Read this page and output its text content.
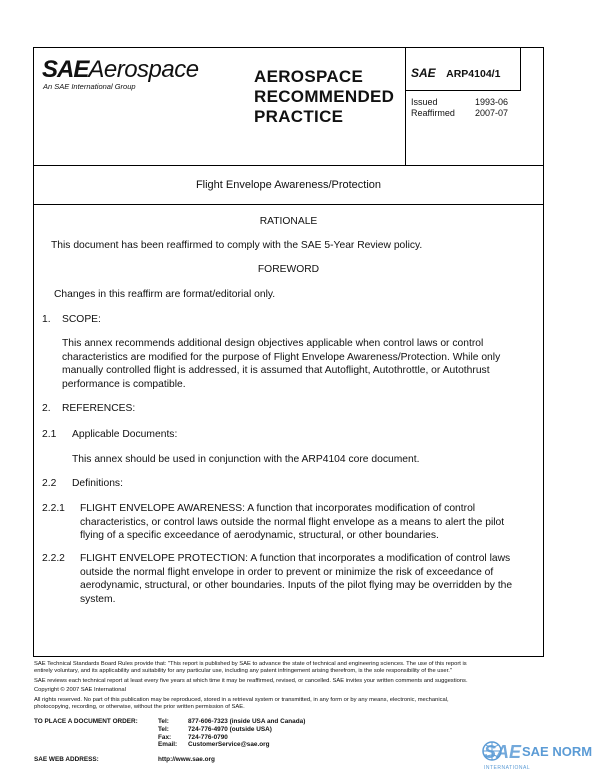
SAEAerospace
An SAE International Group
AEROSPACE
RECOMMENDED
PRACTICE
SAE ARP4104/1
Issued	1993-06
Reaffirmed 2007-07
Flight Envelope Awareness/Protection
RATIONALE
This document has been reaffirmed to comply with the SAE 5-Year Review policy.
FOREWORD
Changes in this reaffirm are format/editorial only.
1. SCOPE:
This annex recommends additional design objectives applicable when control laws or control
characteristics are modified for the purpose of Flight Envelope Awareness/Protection. While only
manually controlled flight is addressed, it is assumed that Autoflight, Autothrottle, or Autothrust
performance is compatible.
2. REFERENCES:
2.1 Applicable Documents:
This annex should be used in conjunction with the ARP4104 core document.
2.2 Definitions:
2.2.1 FLIGHT ENVELOPE AWARENESS: A function that incorporates modification of control
characteristics, or control laws outside the normal flight envelope as a means to alert the pilot
flying of a specific exceedance of aerodynamic, structural, or other boundaries.
2.2.2 FLIGHT ENVELOPE PROTECTION: A function that incorporates a modification of control laws
outside the normal flight envelope in order to prevent or minimize the risk of exceedance of
aerodynamic, structural, or other boundaries. Inputs of the pilot flying may be overridden by the
system.
SAE Technical Standards Board Rules provide that: "This report is published by SAE to advance the state of technical and engineering sciences. The use of this report is
entirely voluntary, and its applicability and suitability for any particular use, including any patent infringement arising therefrom, is the sole responsibility of the user."
SAE reviews each technical report at least every five years at which time it may be reaffirmed, revised, or cancelled. SAE invites your written comments and suggestions.
Copyright © 2007 SAE International
All rights reserved. No part of this publication may be reproduced, stored in a retrieval system or transmitted, in any form or by any means, electronic, mechanical,
photocopying, recording, or otherwise, without the prior written permission of SAE.
TO PLACE A DOCUMENT ORDER:	Tel:	877-606-7323 (inside USA and Canada)
Tel:	724-776-4970 (outside USA)
Fax:	724-776-0790
Email: CustomerService@sae.org
SAE WEB ADDRESS:	http://www.sae.org	SAE SAE NORM
INTERNATIONAL
